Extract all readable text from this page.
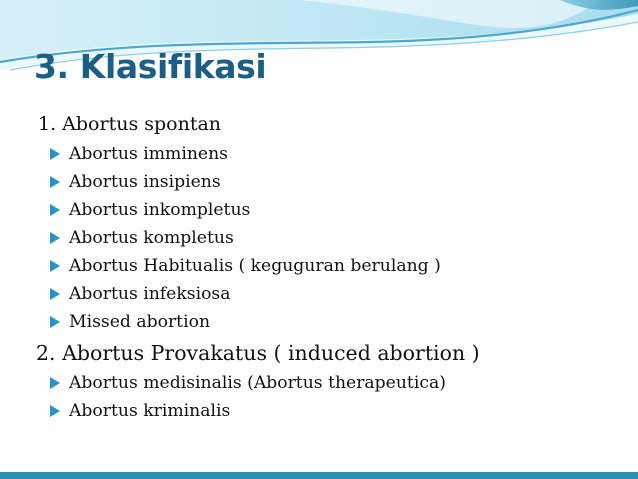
3. Klasifikasi

1. Abortus spontan

Abortus imminens
Abortus insipiens
Abortus inkompletus
Abortus kompletus
Abortus Habitualis ( keguguran berulang )
Abortus infeksiosa
Missed abortion

2. Abortus Provakatus ( induced abortion )

Abortus medisinalis (Abortus therapeutica)
Abortus kriminalis
